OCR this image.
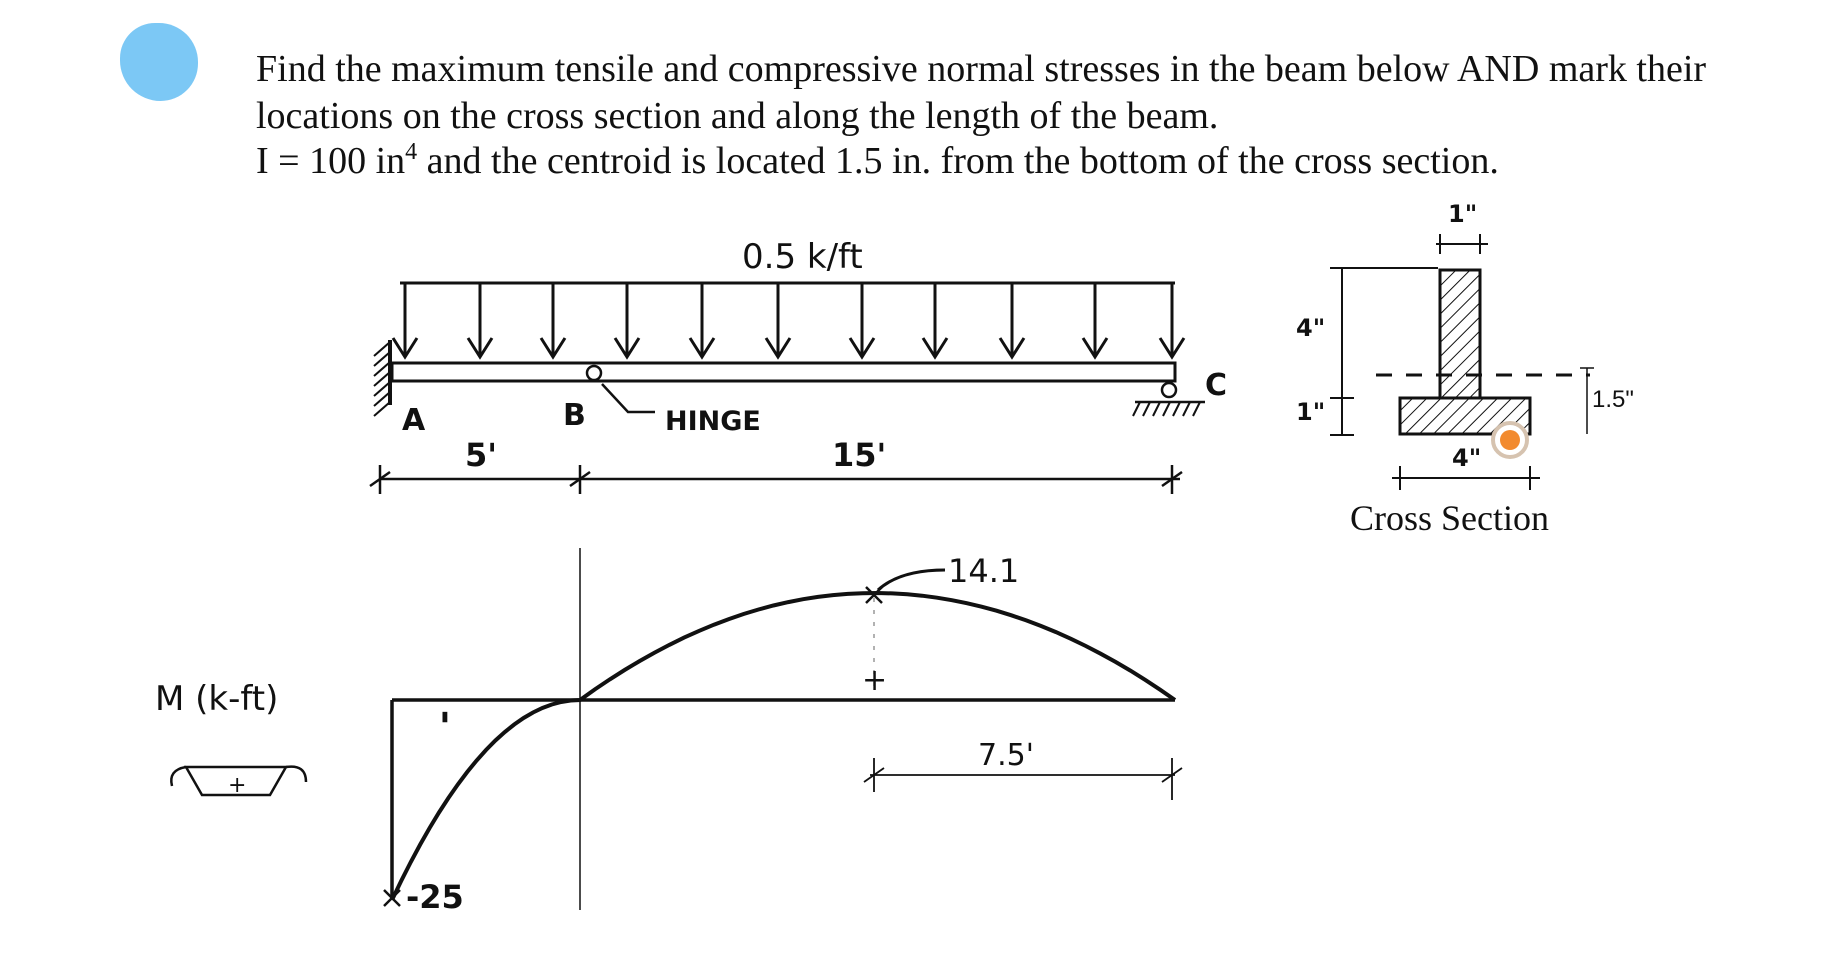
Find the maximum tensile and compressive normal stresses in the beam below AND mark their
locations on the cross section and along the length of the beam.
I = 100 $in^4$ and the centroid is located 1.5 in. from the bottom of the cross section.
0.5 k/ft
A	B
C
HINGE
5'	15'
1"
4"
1"
4"
1.5"
Cross Section
M (k-ft)
+
+
-
14.1
-25
7.5'
